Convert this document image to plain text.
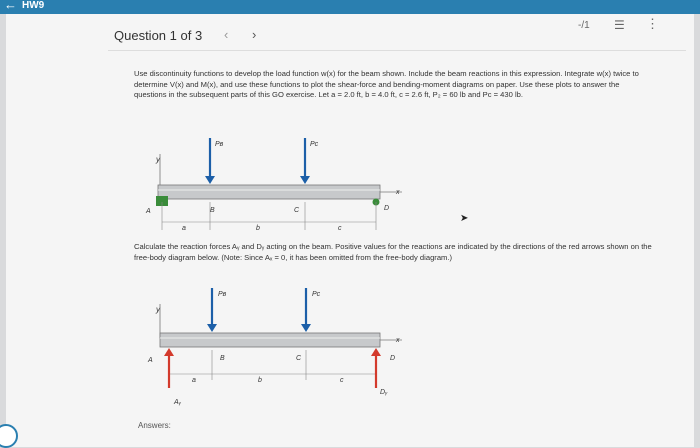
← HW9
Question 1 of 3 ‹ ›
-/1 ☰ ⋮
Use discontinuity functions to develop the load function w(x) for the beam shown. Include the beam reactions in this expression. Integrate w(x) twice to determine V(x) and M(x), and use these functions to plot the shear-force and bending-moment diagrams on paper. Use these plots to answer the questions in the subsequent parts of this GO exercise. Let a = 2.0 ft, b = 4.0 ft, c = 2.6 ft, P₂ = 60 lb and Pc = 430 lb.
y
x
A	B	C	D
a	b	c
Pʙ	Pc
➤
Calculate the reaction forces Aᵧ and Dᵧ acting on the beam. Positive values for the reactions are indicated by the directions of the red arrows shown on the free-body diagram below. (Note: Since Aₓ = 0, it has been omitted from the free-body diagram.)
y
x
A	B	C	D
a	b	c
Pʙ	Pc
Aᵧ
Dᵧ
Answers:
